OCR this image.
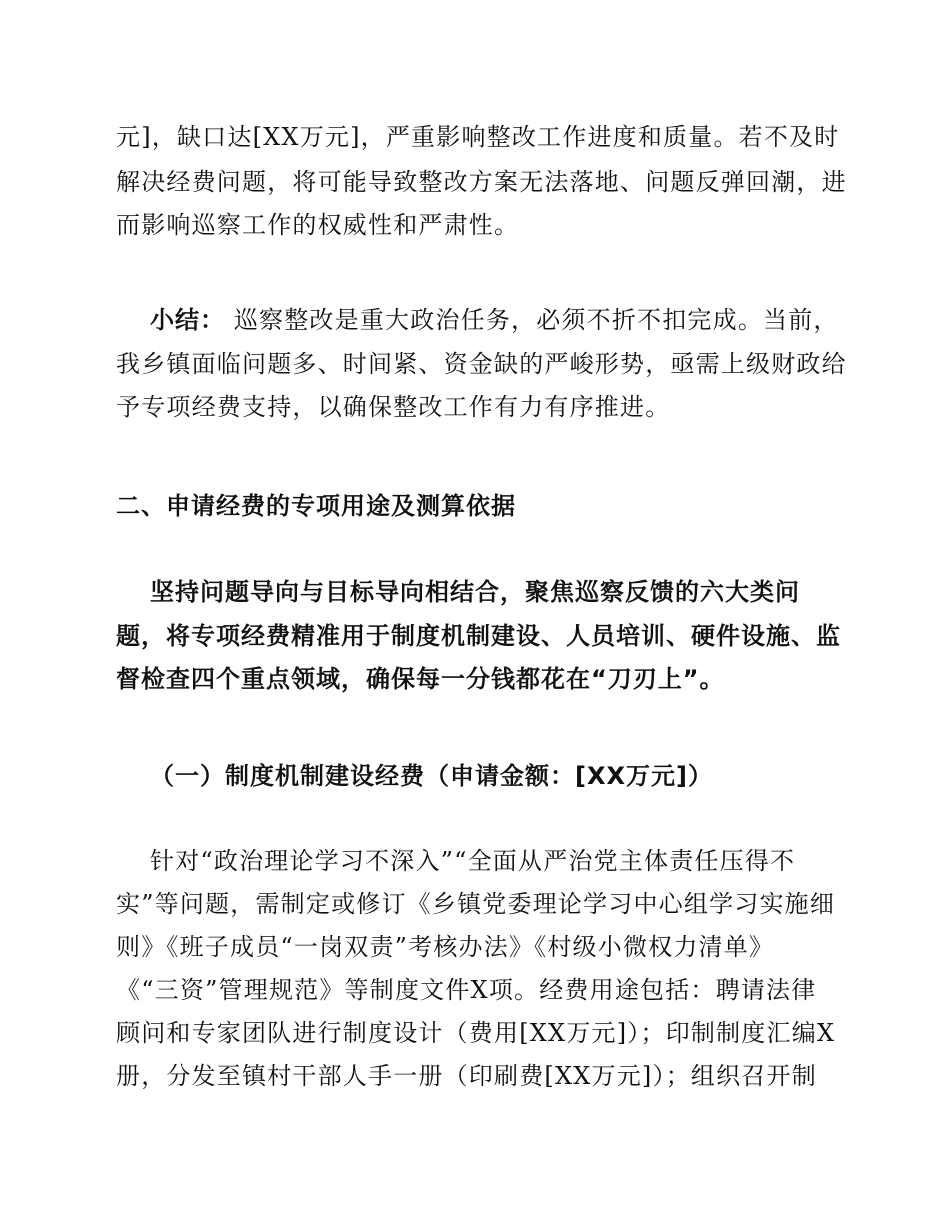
元]，缺口达[XX万元]，严重影响整改工作进度和质量。若不及时
解决经费问题，将可能导致整改方案无法落地、问题反弹回潮，进
而影响巡察工作的权威性和严肃性。
小结： 巡察整改是重大政治任务，必须不折不扣完成。当前，
我乡镇面临问题多、时间紧、资金缺的严峻形势，亟需上级财政给
予专项经费支持，以确保整改工作有力有序推进。
二、申请经费的专项用途及测算依据
坚持问题导向与目标导向相结合，聚焦巡察反馈的六大类问
题，将专项经费精准用于制度机制建设、人员培训、硬件设施、监
督检查四个重点领域，确保每一分钱都花在“刀刃上”。
（一）制度机制建设经费（申请金额：[XX万元]）
针对“政治理论学习不深入”“全面从严治党主体责任压得不
实”等问题，需制定或修订《乡镇党委理论学习中心组学习实施细
则》《班子成员“一岗双责”考核办法》《村级小微权力清单》
《“三资”管理规范》等制度文件X项。经费用途包括：聘请法律
顾问和专家团队进行制度设计（费用[XX万元]）；印制制度汇编X
册，分发至镇村干部人手一册（印刷费[XX万元]）；组织召开制
